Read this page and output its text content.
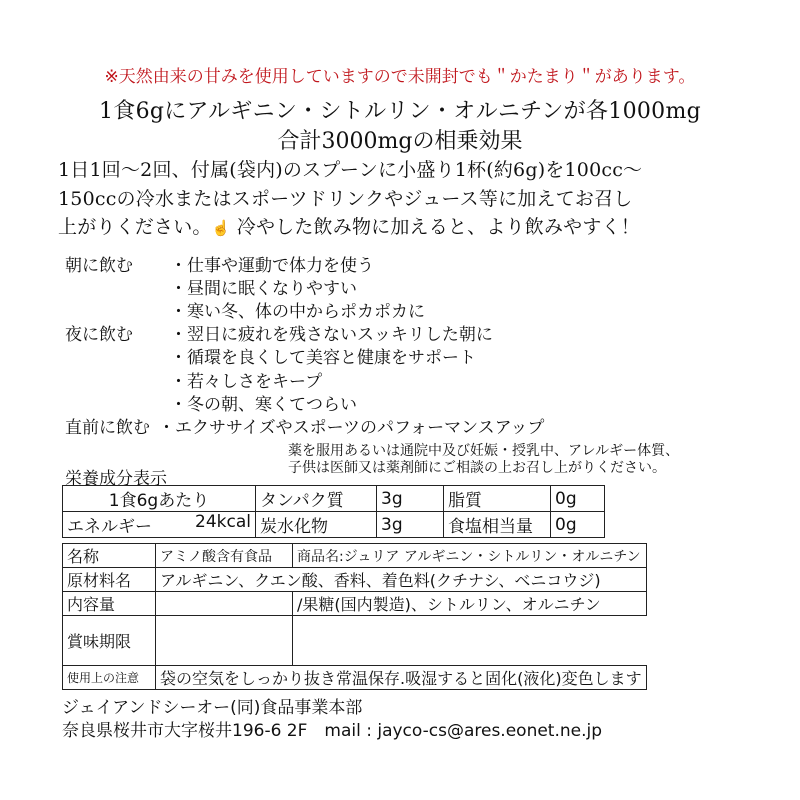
※天然由来の甘みを使用していますので未開封でも＂かたまり＂があります。
1食6gにアルギニン・シトルリン・オルニチンが各1000mg
合計3000mgの相乗効果
1日1回〜2回、付属(袋内)のスプーンに小盛り1杯(約6g)を100cc〜
150ccの冷水またはスポーツドリンクやジュース等に加えてお召し
上がりください。☝ 冷やした飲み物に加えると、より飲みやすく！
朝に飲む ・仕事や運動で体力を使う
・昼間に眠くなりやすい
・寒い冬、体の中からポカポカに
夜に飲む ・翌日に疲れを残さないスッキリした朝に
・循環を良くして美容と健康をサポート
・若々しさをキープ
・冬の朝、寒くてつらい
直前に飲む ・エクササイズやスポーツのパフォーマンスアップ
薬を服用あるいは通院中及び妊娠・授乳中、アレルギー体質、
子供は医師又は薬剤師にご相談の上お召し上がりください。
栄養成分表示
1食6gあたり	タンパク質	3g	脂質	0g
エネルギー 24kcal	炭水化物	3g	食塩相当量	0g
名称	アミノ酸含有食品	商品名:ジュリア アルギニン・シトルリン・オルニチン
原材料名	アルギニン、クエン酸、香料、着色料(クチナシ、ベニコウジ)	
内容量		/果糖(国内製造)、シトルリン、オルニチン
賞味期限		
使用上の注意	袋の空気をしっかり抜き常温保存.吸湿すると固化(液化)変色します	
ジェイアンドシーオー(同)食品事業本部
奈良県桜井市大字桜井196-6 2F　mail : jayco-cs@ares.eonet.ne.jp
